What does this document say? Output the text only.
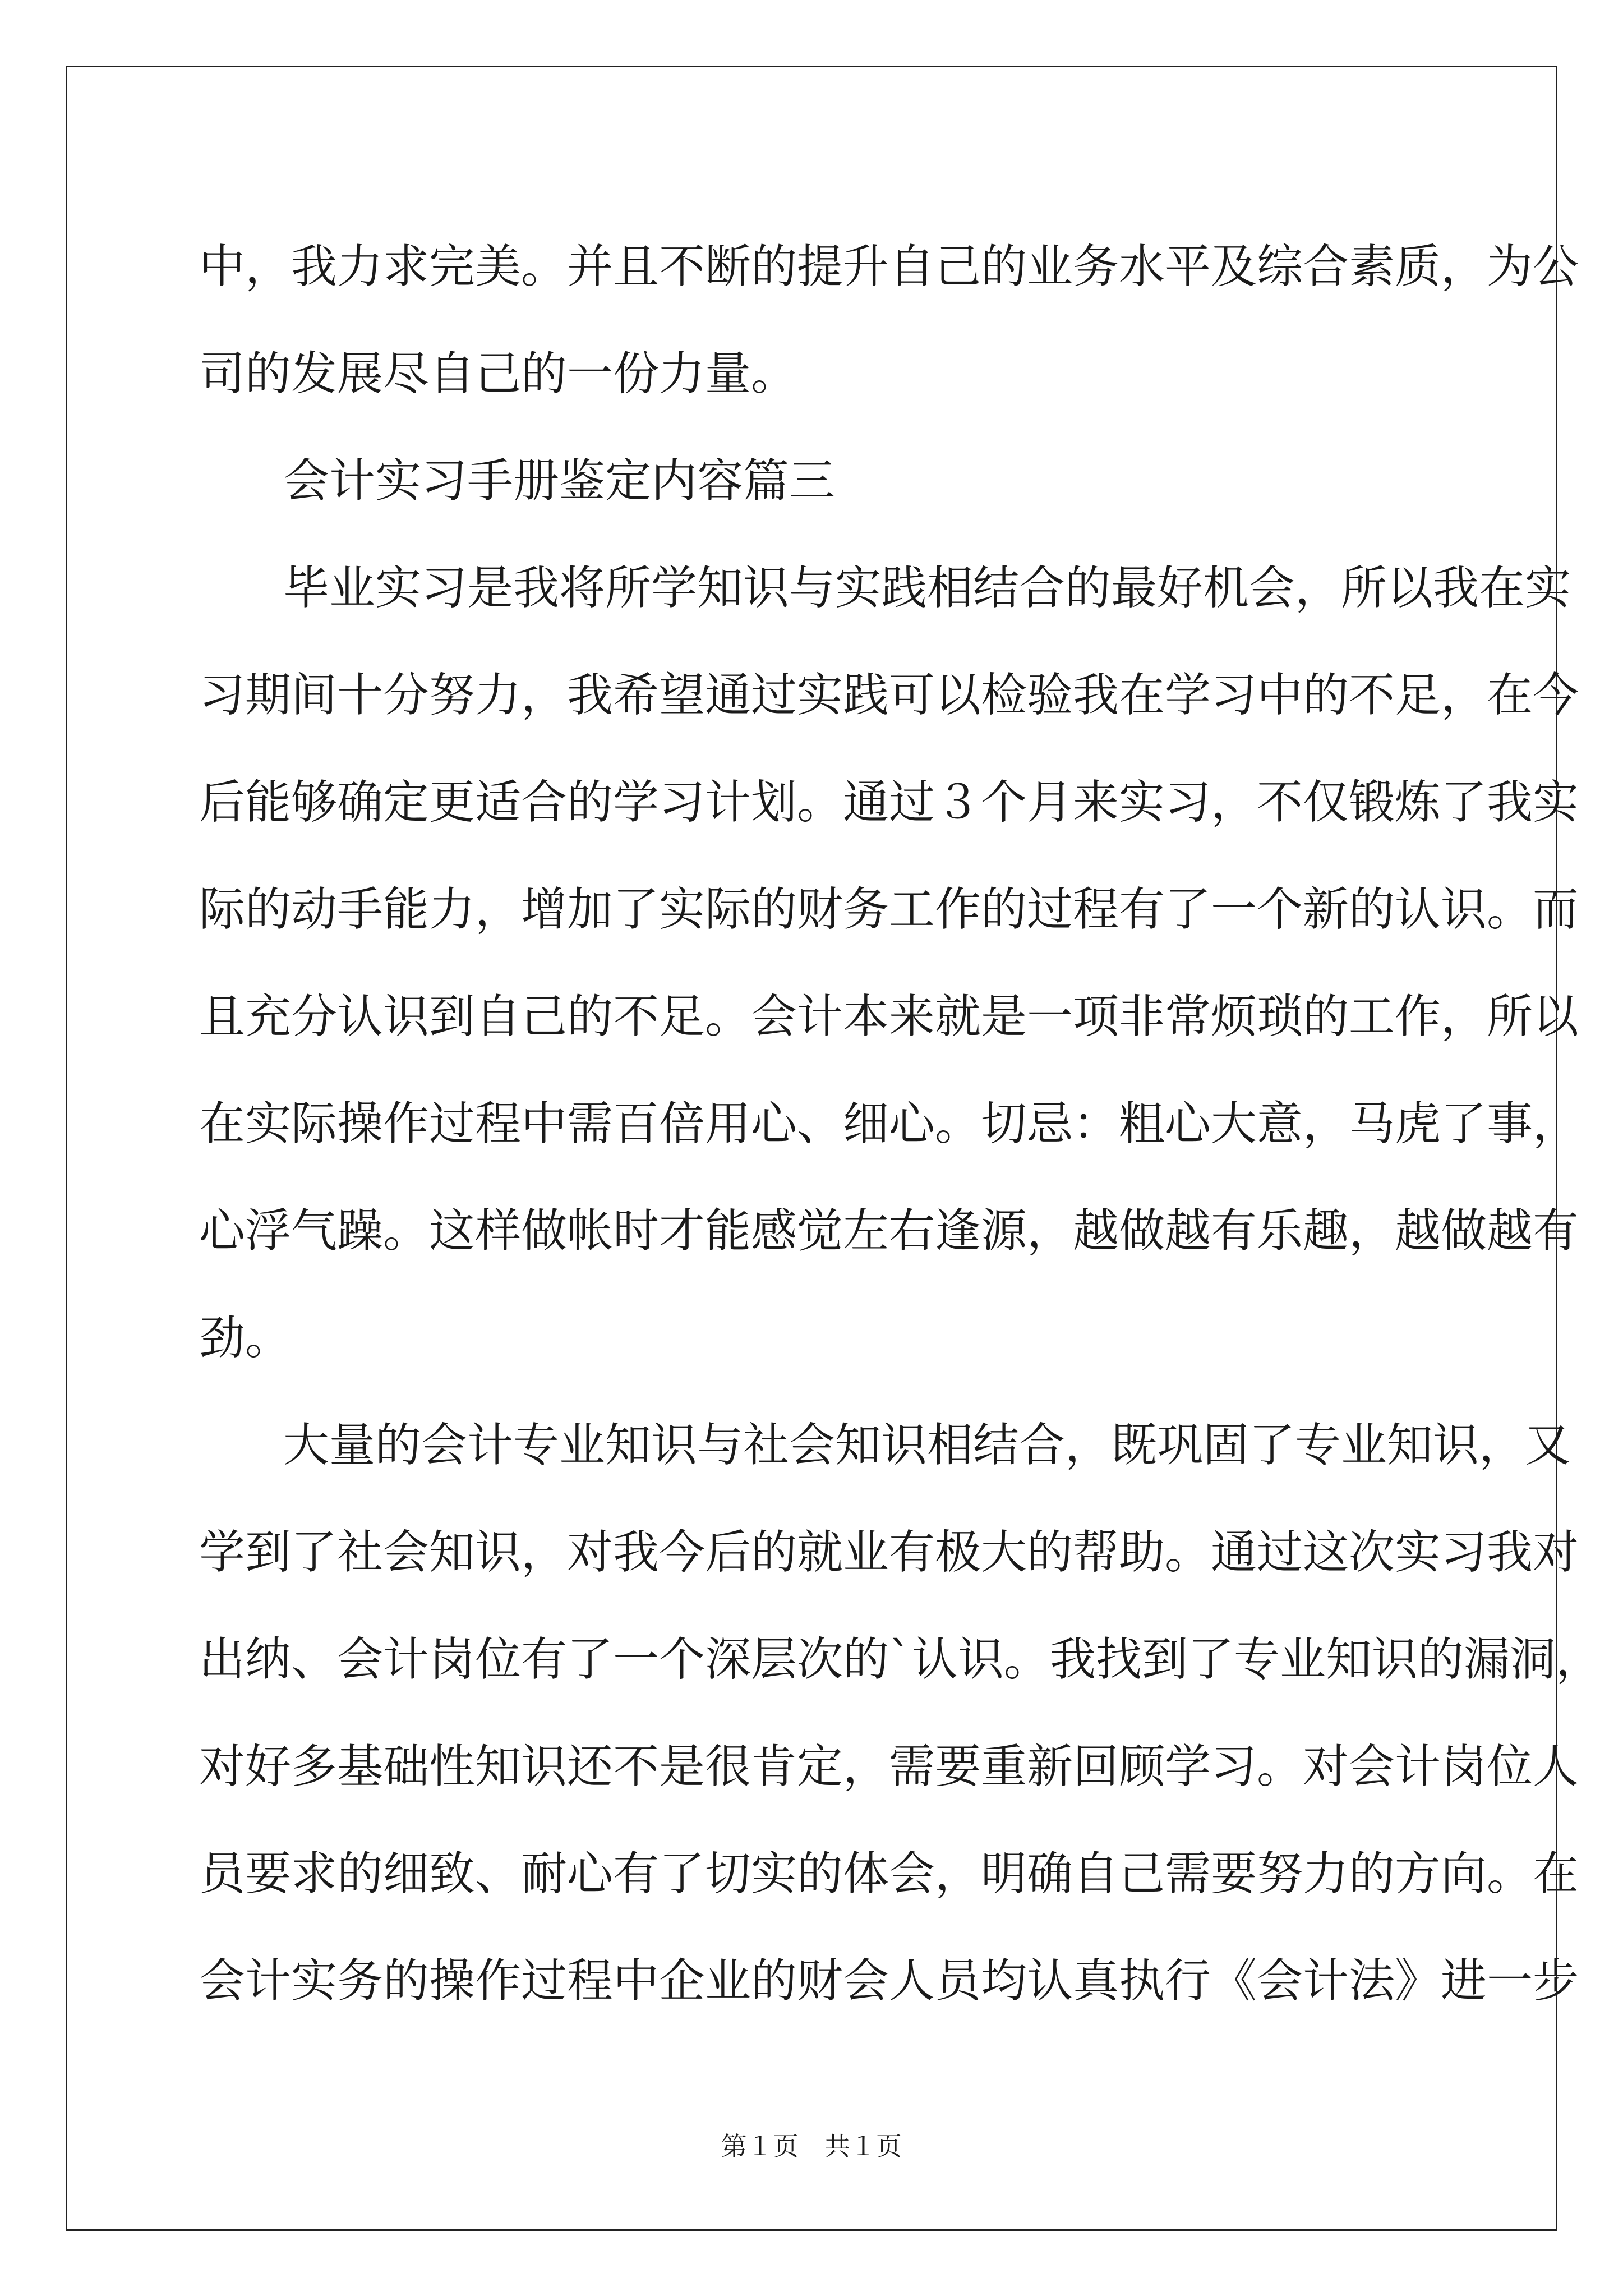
中，我力求完美。并且不断的提升自己的业务水平及综合素质，为公
司的发展尽自己的一份力量。
会计实习手册鉴定内容篇三
毕业实习是我将所学知识与实践相结合的最好机会，所以我在实
习期间十分努力，我希望通过实践可以检验我在学习中的不足，在今
后能够确定更适合的学习计划。通过３个月来实习，不仅锻炼了我实
际的动手能力，增加了实际的财务工作的过程有了一个新的认识。而
且充分认识到自己的不足。会计本来就是一项非常烦琐的工作，所以
在实际操作过程中需百倍用心、细心。切忌：粗心大意，马虎了事，
心浮气躁。这样做帐时才能感觉左右逢源，越做越有乐趣，越做越有
劲。
大量的会计专业知识与社会知识相结合，既巩固了专业知识，又
学到了社会知识，对我今后的就业有极大的帮助。通过这次实习我对
出纳、会计岗位有了一个深层次的`认识。我找到了专业知识的漏洞，
对好多基础性知识还不是很肯定，需要重新回顾学习。对会计岗位人
员要求的细致、耐心有了切实的体会，明确自己需要努力的方向。在
会计实务的操作过程中企业的财会人员均认真执行《会计法》进一步
第１页　共１页
